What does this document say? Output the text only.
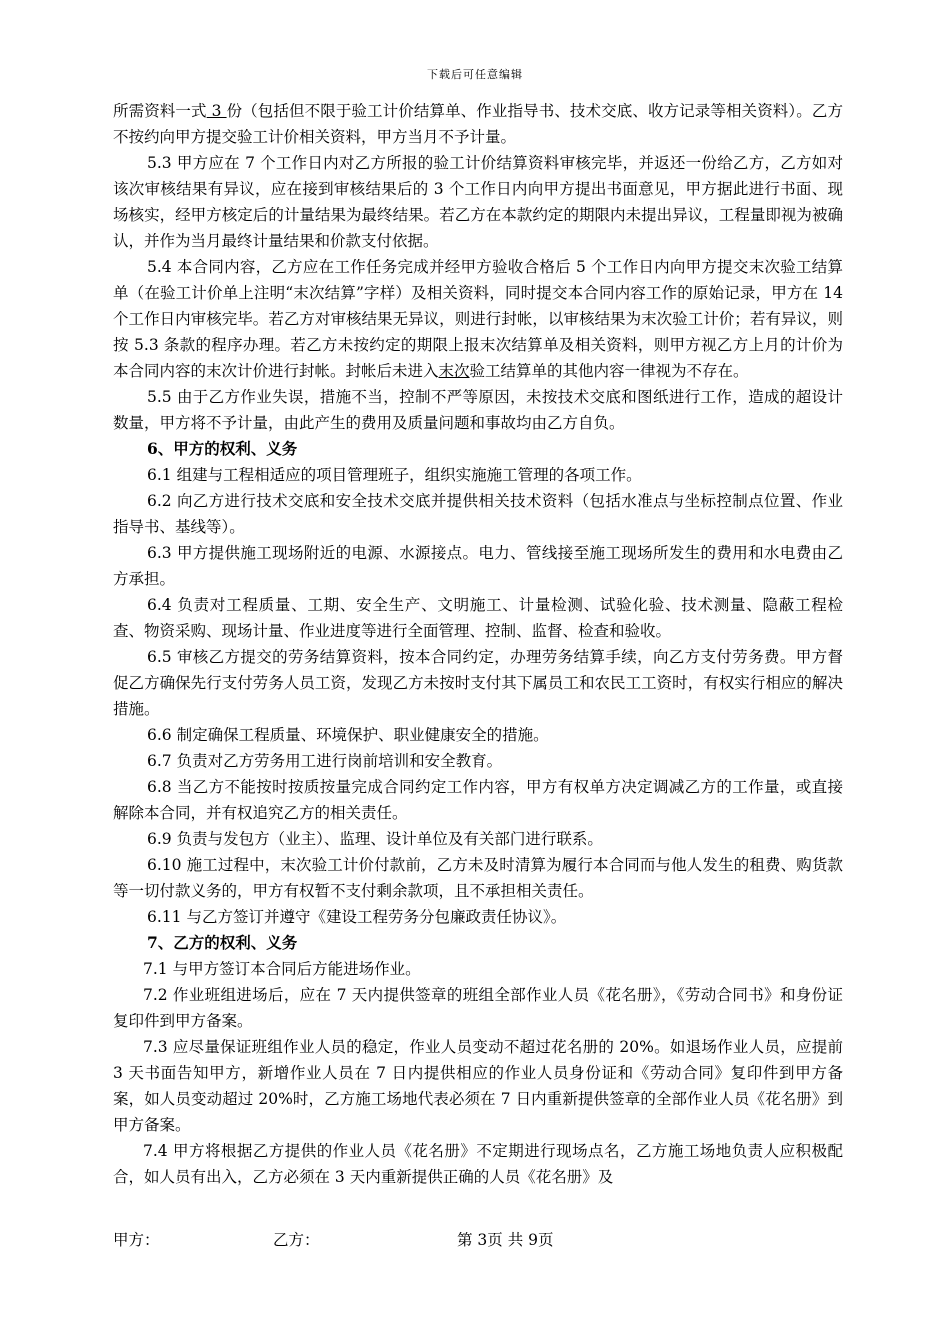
下载后可任意编辑

所需资料一式 3 份（包括但不限于验工计价结算单、作业指导书、技术交底、收方记录等相关资料）。乙方不按约向甲方提交验工计价相关资料，甲方当月不予计量。

5.3 甲方应在 7 个工作日内对乙方所报的验工计价结算资料审核完毕，并返还一份给乙方，乙方如对该次审核结果有异议，应在接到审核结果后的 3 个工作日内向甲方提出书面意见，甲方据此进行书面、现场核实，经甲方核定后的计量结果为最终结果。若乙方在本款约定的期限内未提出异议，工程量即视为被确认，并作为当月最终计量结果和价款支付依据。

5.4 本合同内容，乙方应在工作任务完成并经甲方验收合格后 5 个工作日内向甲方提交末次验工结算单（在验工计价单上注明“末次结算”字样）及相关资料，同时提交本合同内容工作的原始记录，甲方在 14 个工作日内审核完毕。若乙方对审核结果无异议，则进行封帐，以审核结果为末次验工计价；若有异议，则按 5.3 条款的程序办理。若乙方未按约定的期限上报末次结算单及相关资料，则甲方视乙方上月的计价为本合同内容的末次计价进行封帐。封帐后未进入末次验工结算单的其他内容一律视为不存在。

5.5 由于乙方作业失误，措施不当，控制不严等原因，未按技术交底和图纸进行工作，造成的超设计数量，甲方将不予计量，由此产生的费用及质量问题和事故均由乙方自负。

6、甲方的权利、义务

6.1 组建与工程相适应的项目管理班子，组织实施施工管理的各项工作。

6.2 向乙方进行技术交底和安全技术交底并提供相关技术资料（包括水准点与坐标控制点位置、作业指导书、基线等）。

6.3 甲方提供施工现场附近的电源、水源接点。电力、管线接至施工现场所发生的费用和水电费由乙方承担。

6.4 负责对工程质量、工期、安全生产、文明施工、计量检测、试验化验、技术测量、隐蔽工程检查、物资采购、现场计量、作业进度等进行全面管理、控制、监督、检查和验收。

6.5 审核乙方提交的劳务结算资料，按本合同约定，办理劳务结算手续，向乙方支付劳务费。甲方督促乙方确保先行支付劳务人员工资，发现乙方未按时支付其下属员工和农民工工资时，有权实行相应的解决措施。

6.6 制定确保工程质量、环境保护、职业健康安全的措施。

6.7 负责对乙方劳务用工进行岗前培训和安全教育。

6.8 当乙方不能按时按质按量完成合同约定工作内容，甲方有权单方决定调减乙方的工作量，或直接解除本合同，并有权追究乙方的相关责任。

6.9 负责与发包方（业主）、监理、设计单位及有关部门进行联系。

6.10 施工过程中，末次验工计价付款前，乙方未及时清算为履行本合同而与他人发生的租费、购货款等一切付款义务的，甲方有权暂不支付剩余款项，且不承担相关责任。

6.11 与乙方签订并遵守《建设工程劳务分包廉政责任协议》。

7、乙方的权利、义务

7.1 与甲方签订本合同后方能进场作业。

7.2 作业班组进场后，应在 7 天内提供签章的班组全部作业人员《花名册》，《劳动合同书》和身份证复印件到甲方备案。

7.3 应尽量保证班组作业人员的稳定，作业人员变动不超过花名册的 20%。如退场作业人员，应提前 3 天书面告知甲方，新增作业人员在 7 日内提供相应的作业人员身份证和《劳动合同》复印件到甲方备案，如人员变动超过 20%时，乙方施工场地代表必须在 7 日内重新提供签章的全部作业人员《花名册》到甲方备案。

7.4 甲方将根据乙方提供的作业人员《花名册》不定期进行现场点名，乙方施工场地负责人应积极配合，如人员有出入，乙方必须在 3 天内重新提供正确的人员《花名册》及

甲方：	乙方：	第 3页 共 9页
